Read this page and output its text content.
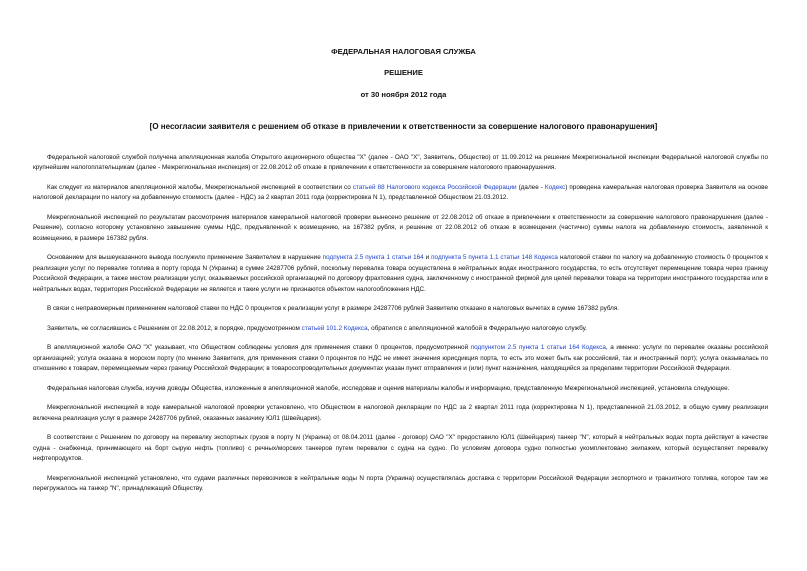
ФЕДЕРАЛЬНАЯ НАЛОГОВАЯ СЛУЖБА

РЕШЕНИЕ

от 30 ноября 2012 года

[О несогласии заявителя с решением об отказе в привлечении к ответственности за совершение налогового правонарушения]

Федеральной налоговой службой получена апелляционная жалоба Открытого акционерного общества "X" (далее - ОАО "X", Заявитель, Общество) от 11.09.2012 на решение Межрегиональной инспекции Федеральной налоговой службы по крупнейшим налогоплательщикам (далее - Межрегиональная инспекция) от 22.08.2012 об отказе в привлечении к ответственности за совершение налогового правонарушения.

Как следует из материалов апелляционной жалобы, Межрегиональной инспекцией в соответствии со статьей 88 Налогового кодекса Российской Федерации (далее - Кодекс) проведена камеральная налоговая проверка Заявителя на основе налоговой декларации по налогу на добавленную стоимость (далее - НДС) за 2 квартал 2011 года (корректировка N 1), представленной Обществом 21.03.2012.

Межрегиональной инспекцией по результатам рассмотрения материалов камеральной налоговой проверки вынесено решение от 22.08.2012 об отказе в привлечении к ответственности за совершение налогового правонарушения (далее - Решение), согласно которому установлено завышение суммы НДС, предъявленной к возмещению, на 167382 рубля, и решение от 22.08.2012 об отказе в возмещении (частично) суммы налога на добавленную стоимость, заявленной к возмещению, в размере 167382 рубля.

Основанием для вышеуказанного вывода послужило применение Заявителем в нарушение подпункта 2.5 пункта 1 статьи 164 и подпункта 5 пункта 1.1 статьи 148 Кодекса налоговой ставки по налогу на добавленную стоимость 0 процентов к реализации услуг по перевалке топлива в порту города N (Украина) в сумме 24287706 рублей, поскольку перевалка товара осуществлена в нейтральных водах иностранного государства, то есть отсутствует перемещение товара через границу Российской Федерации, а также местом реализации услуг, оказываемых российской организацией по договору фрахтования судна, заключенному с иностранной фирмой для целей перевалки товара на территории иностранного государства или в нейтральных водах, территория Российской Федерации не является и такие услуги не признаются объектом налогообложения НДС.

В связи с неправомерным применением налоговой ставки по НДС 0 процентов к реализации услуг в размере 24287706 рублей Заявителю отказано в налоговых вычетах в сумме 167382 рубля.

Заявитель, не согласившись с Решением от 22.08.2012, в порядке, предусмотренном статьей 101.2 Кодекса, обратился с апелляционной жалобой в Федеральную налоговую службу.

В апелляционной жалобе ОАО "X" указывает, что Обществом соблюдены условия для применения ставки 0 процентов, предусмотренной подпунктом 2.5 пункта 1 статьи 164 Кодекса, а именно: услуги по перевалке оказаны российской организацией; услуга оказана в морском порту (по мнению Заявителя, для применения ставки 0 процентов по НДС не имеет значения юрисдикция порта, то есть это может быть как российский, так и иностранный порт); услуга оказывалась по отношению к товарам, перемещаемым через границу Российской Федерации; в товаросопроводительных документах указан пункт отправления и (или) пункт назначения, находящийся за пределами территории Российской Федерации.

Федеральная налоговая служба, изучив доводы Общества, изложенные в апелляционной жалобе, исследовав и оценив материалы жалобы и информацию, представленную Межрегиональной инспекцией, установила следующее.

Межрегиональной инспекцией в ходе камеральной налоговой проверки установлено, что Обществом в налоговой декларации по НДС за 2 квартал 2011 года (корректировка N 1), представленной 21.03.2012, в общую сумму реализации включена реализация услуг в размере 24287706 рублей, оказанных заказчику ЮЛ1 (Швейцария).

В соответствии с Решением по договору на перевалку экспортных грузов в порту N (Украина) от 08.04.2011 (далее - договор) ОАО "X" предоставило ЮЛ1 (Швейцария) танкер "N", который в нейтральных водах порта действует в качестве судна - снабженца, принимающего на борт сырую нефть (топливо) с речных/морских танкеров путем перевалки с судна на судно. По условиям договора судно полностью укомплектовано экипажем, который осуществляет перевалку нефтепродуктов.

Межрегиональной инспекцией установлено, что судами различных перевозчиков в нейтральные воды N порта (Украина) осуществлялась доставка с территории Российской Федерации экспортного и транзитного топлива, которое там же перегружалось на танкер "N", принадлежащий Обществу.
